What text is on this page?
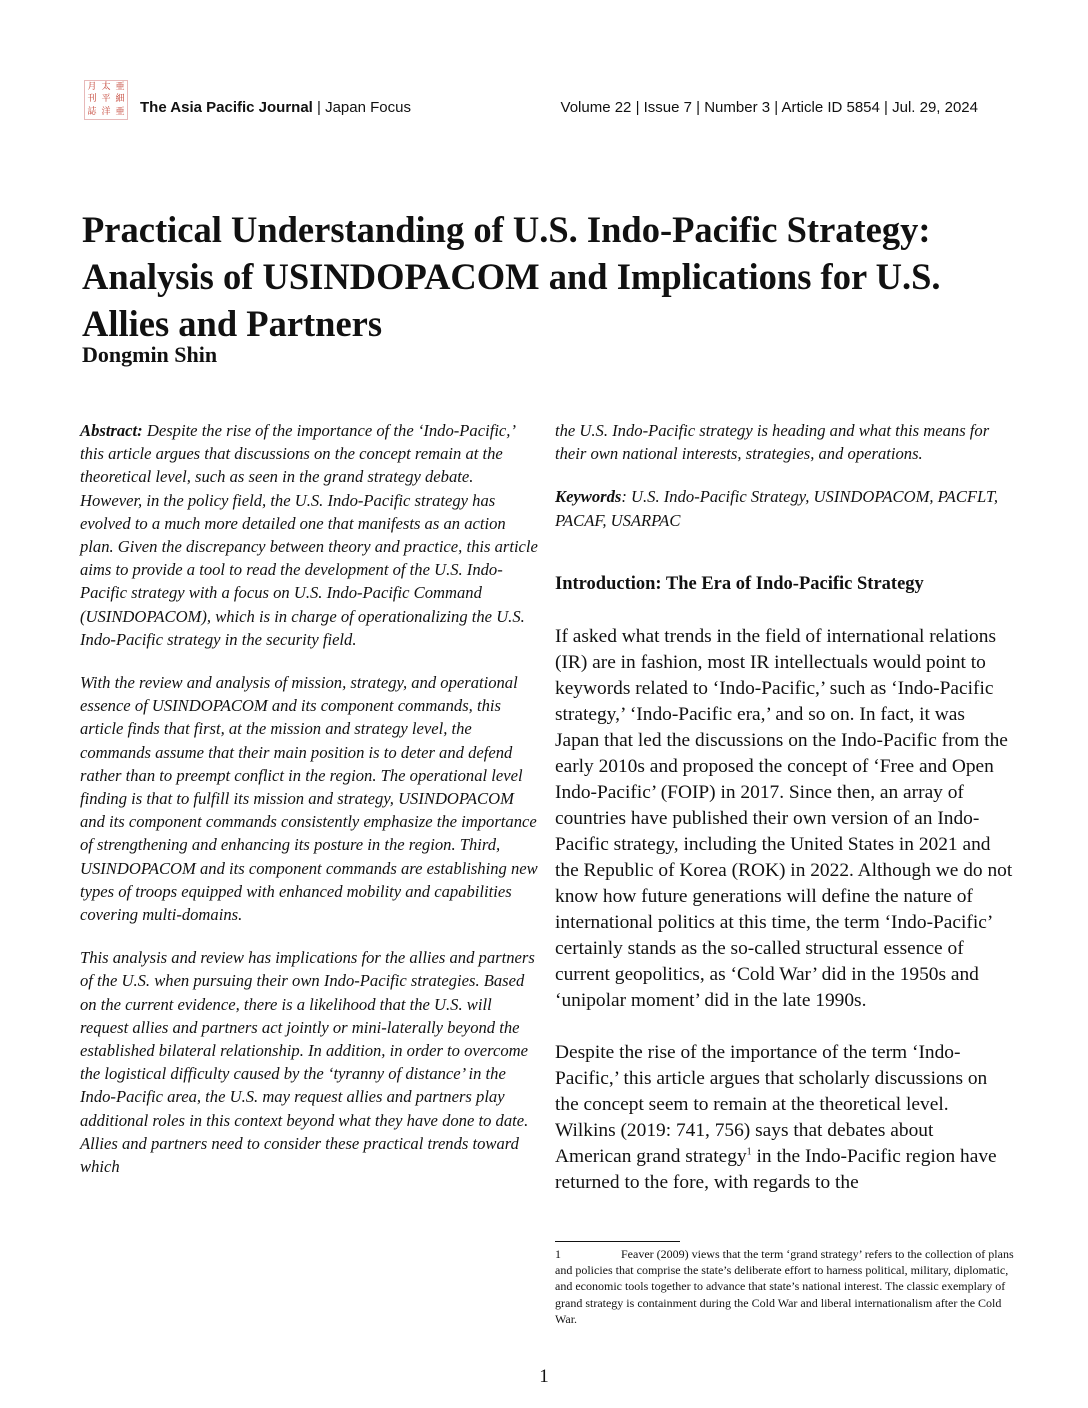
月 太 亜
刊 平 細
誌 洋 亜 The Asia Pacific Journal | Japan Focus	Volume 22 | Issue 7 | Number 3 | Article ID 5854 | Jul. 29, 2024
Practical Understanding of U.S. Indo-Pacific Strategy: Analysis of USINDOPACOM and Implications for U.S. Allies and Partners
Dongmin Shin

Abstract: Despite the rise of the importance of the ‘Indo-Pacific,’ this article argues that discussions on the concept remain at the theoretical level, such as seen in the grand strategy debate. However, in the policy field, the U.S. Indo-Pacific strategy has evolved to a much more detailed one that manifests as an action plan. Given the discrepancy between theory and practice, this article aims to provide a tool to read the development of the U.S. Indo-Pacific strategy with a focus on U.S. Indo-Pacific Command (USINDOPACOM), which is in charge of operationalizing the U.S. Indo-Pacific strategy in the security field.

With the review and analysis of mission, strategy, and operational essence of USINDOPACOM and its component commands, this article finds that first, at the mission and strategy level, the commands assume that their main position is to deter and defend rather than to preempt conflict in the region. The operational level finding is that to fulfill its mission and strategy, USINDOPACOM and its component commands consistently emphasize the importance of strengthening and enhancing its posture in the region. Third, USINDOPACOM and its component commands are establishing new types of troops equipped with enhanced mobility and capabilities covering multi-domains.

This analysis and review has implications for the allies and partners of the U.S. when pursuing their own Indo-Pacific strategies. Based on the current evidence, there is a likelihood that the U.S. will request allies and partners act jointly or mini-laterally beyond the established bilateral relationship. In addition, in order to overcome the logistical difficulty caused by the ‘tyranny of distance’ in the Indo-Pacific area, the U.S. may request allies and partners play additional roles in this context beyond what they have done to date. Allies and partners need to consider these practical trends toward which

the U.S. Indo-Pacific strategy is heading and what this means for their own national interests, strategies, and operations.

Keywords: U.S. Indo-Pacific Strategy, USINDOPACOM, PACFLT, PACAF, USARPAC
Introduction: The Era of Indo-Pacific Strategy

If asked what trends in the field of international relations (IR) are in fashion, most IR intellectuals would point to keywords related to ‘Indo-Pacific,’ such as ‘Indo-Pacific strategy,’ ‘Indo-Pacific era,’ and so on. In fact, it was Japan that led the discussions on the Indo-Pacific from the early 2010s and proposed the concept of ‘Free and Open Indo-Pacific’ (FOIP) in 2017. Since then, an array of countries have published their own version of an Indo-Pacific strategy, including the United States in 2021 and the Republic of Korea (ROK) in 2022. Although we do not know how future generations will define the nature of international politics at this time, the term ‘Indo-Pacific’ certainly stands as the so-called structural essence of current geopolitics, as ‘Cold War’ did in the 1950s and ‘unipolar moment’ did in the late 1990s.

Despite the rise of the importance of the term ‘Indo-Pacific,’ this article argues that scholarly discussions on the concept seem to remain at the theoretical level. Wilkins (2019: 741, 756) says that debates about American grand strategy$^1$ in the Indo-Pacific region have returned to the fore, with regards to the

1	Feaver (2009) views that the term ‘grand strategy’ refers to the collection of plans and policies that comprise the state’s deliberate effort to harness political, military, diplomatic, and economic tools together to advance that state’s national interest. The classic exemplary of grand strategy is containment during the Cold War and liberal internationalism after the Cold War.

1
